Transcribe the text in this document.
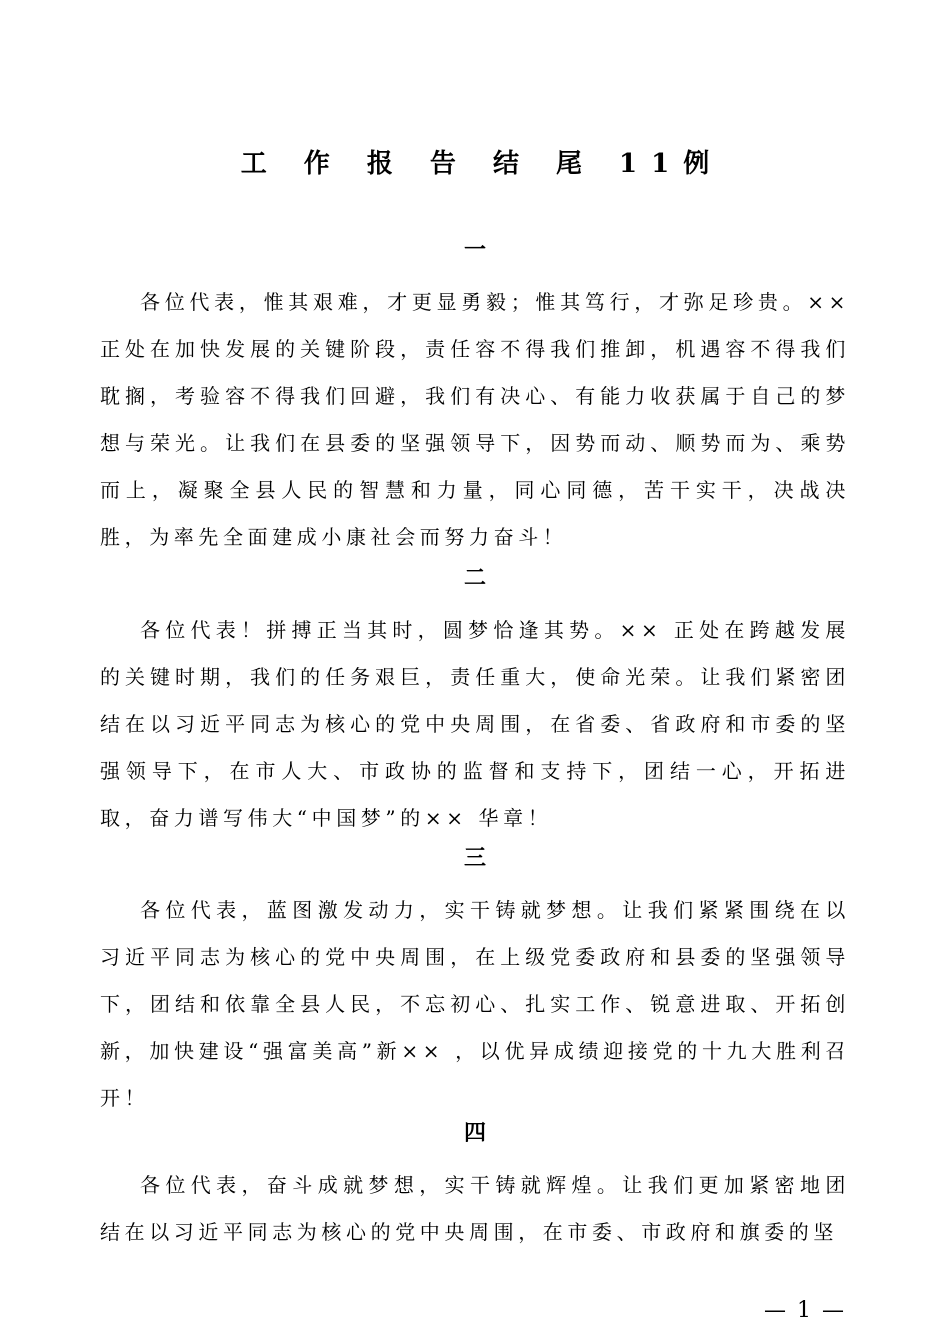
工 作 报 告 结 尾 11例
一

各位代表，惟其艰难，才更显勇毅；惟其笃行，才弥足珍贵。××正处在加快发展的关键阶段，责任容不得我们推卸，机遇容不得我们耽搁，考验容不得我们回避，我们有决心、有能力收获属于自己的梦想与荣光。让我们在县委的坚强领导下，因势而动、顺势而为、乘势而上，凝聚全县人民的智慧和力量，同心同德，苦干实干，决战决胜，为率先全面建成小康社会而努力奋斗！

二

各位代表！拼搏正当其时，圆梦恰逢其势。×× 正处在跨越发展的关键时期，我们的任务艰巨，责任重大，使命光荣。让我们紧密团结在以习近平同志为核心的党中央周围，在省委、省政府和市委的坚强领导下，在市人大、市政协的监督和支持下，团结一心，开拓进取，奋力谱写伟大“中国梦”的×× 华章！

三

各位代表，蓝图激发动力，实干铸就梦想。让我们紧紧围绕在以习近平同志为核心的党中央周围，在上级党委政府和县委的坚强领导下，团结和依靠全县人民，不忘初心、扎实工作、锐意进取、开拓创新，加快建设“强富美高”新×× ，以优异成绩迎接党的十九大胜利召开！

四

各位代表，奋斗成就梦想，实干铸就辉煌。让我们更加紧密地团结在以习近平同志为核心的党中央周围，在市委、市政府和旗委的坚

— 1 —
